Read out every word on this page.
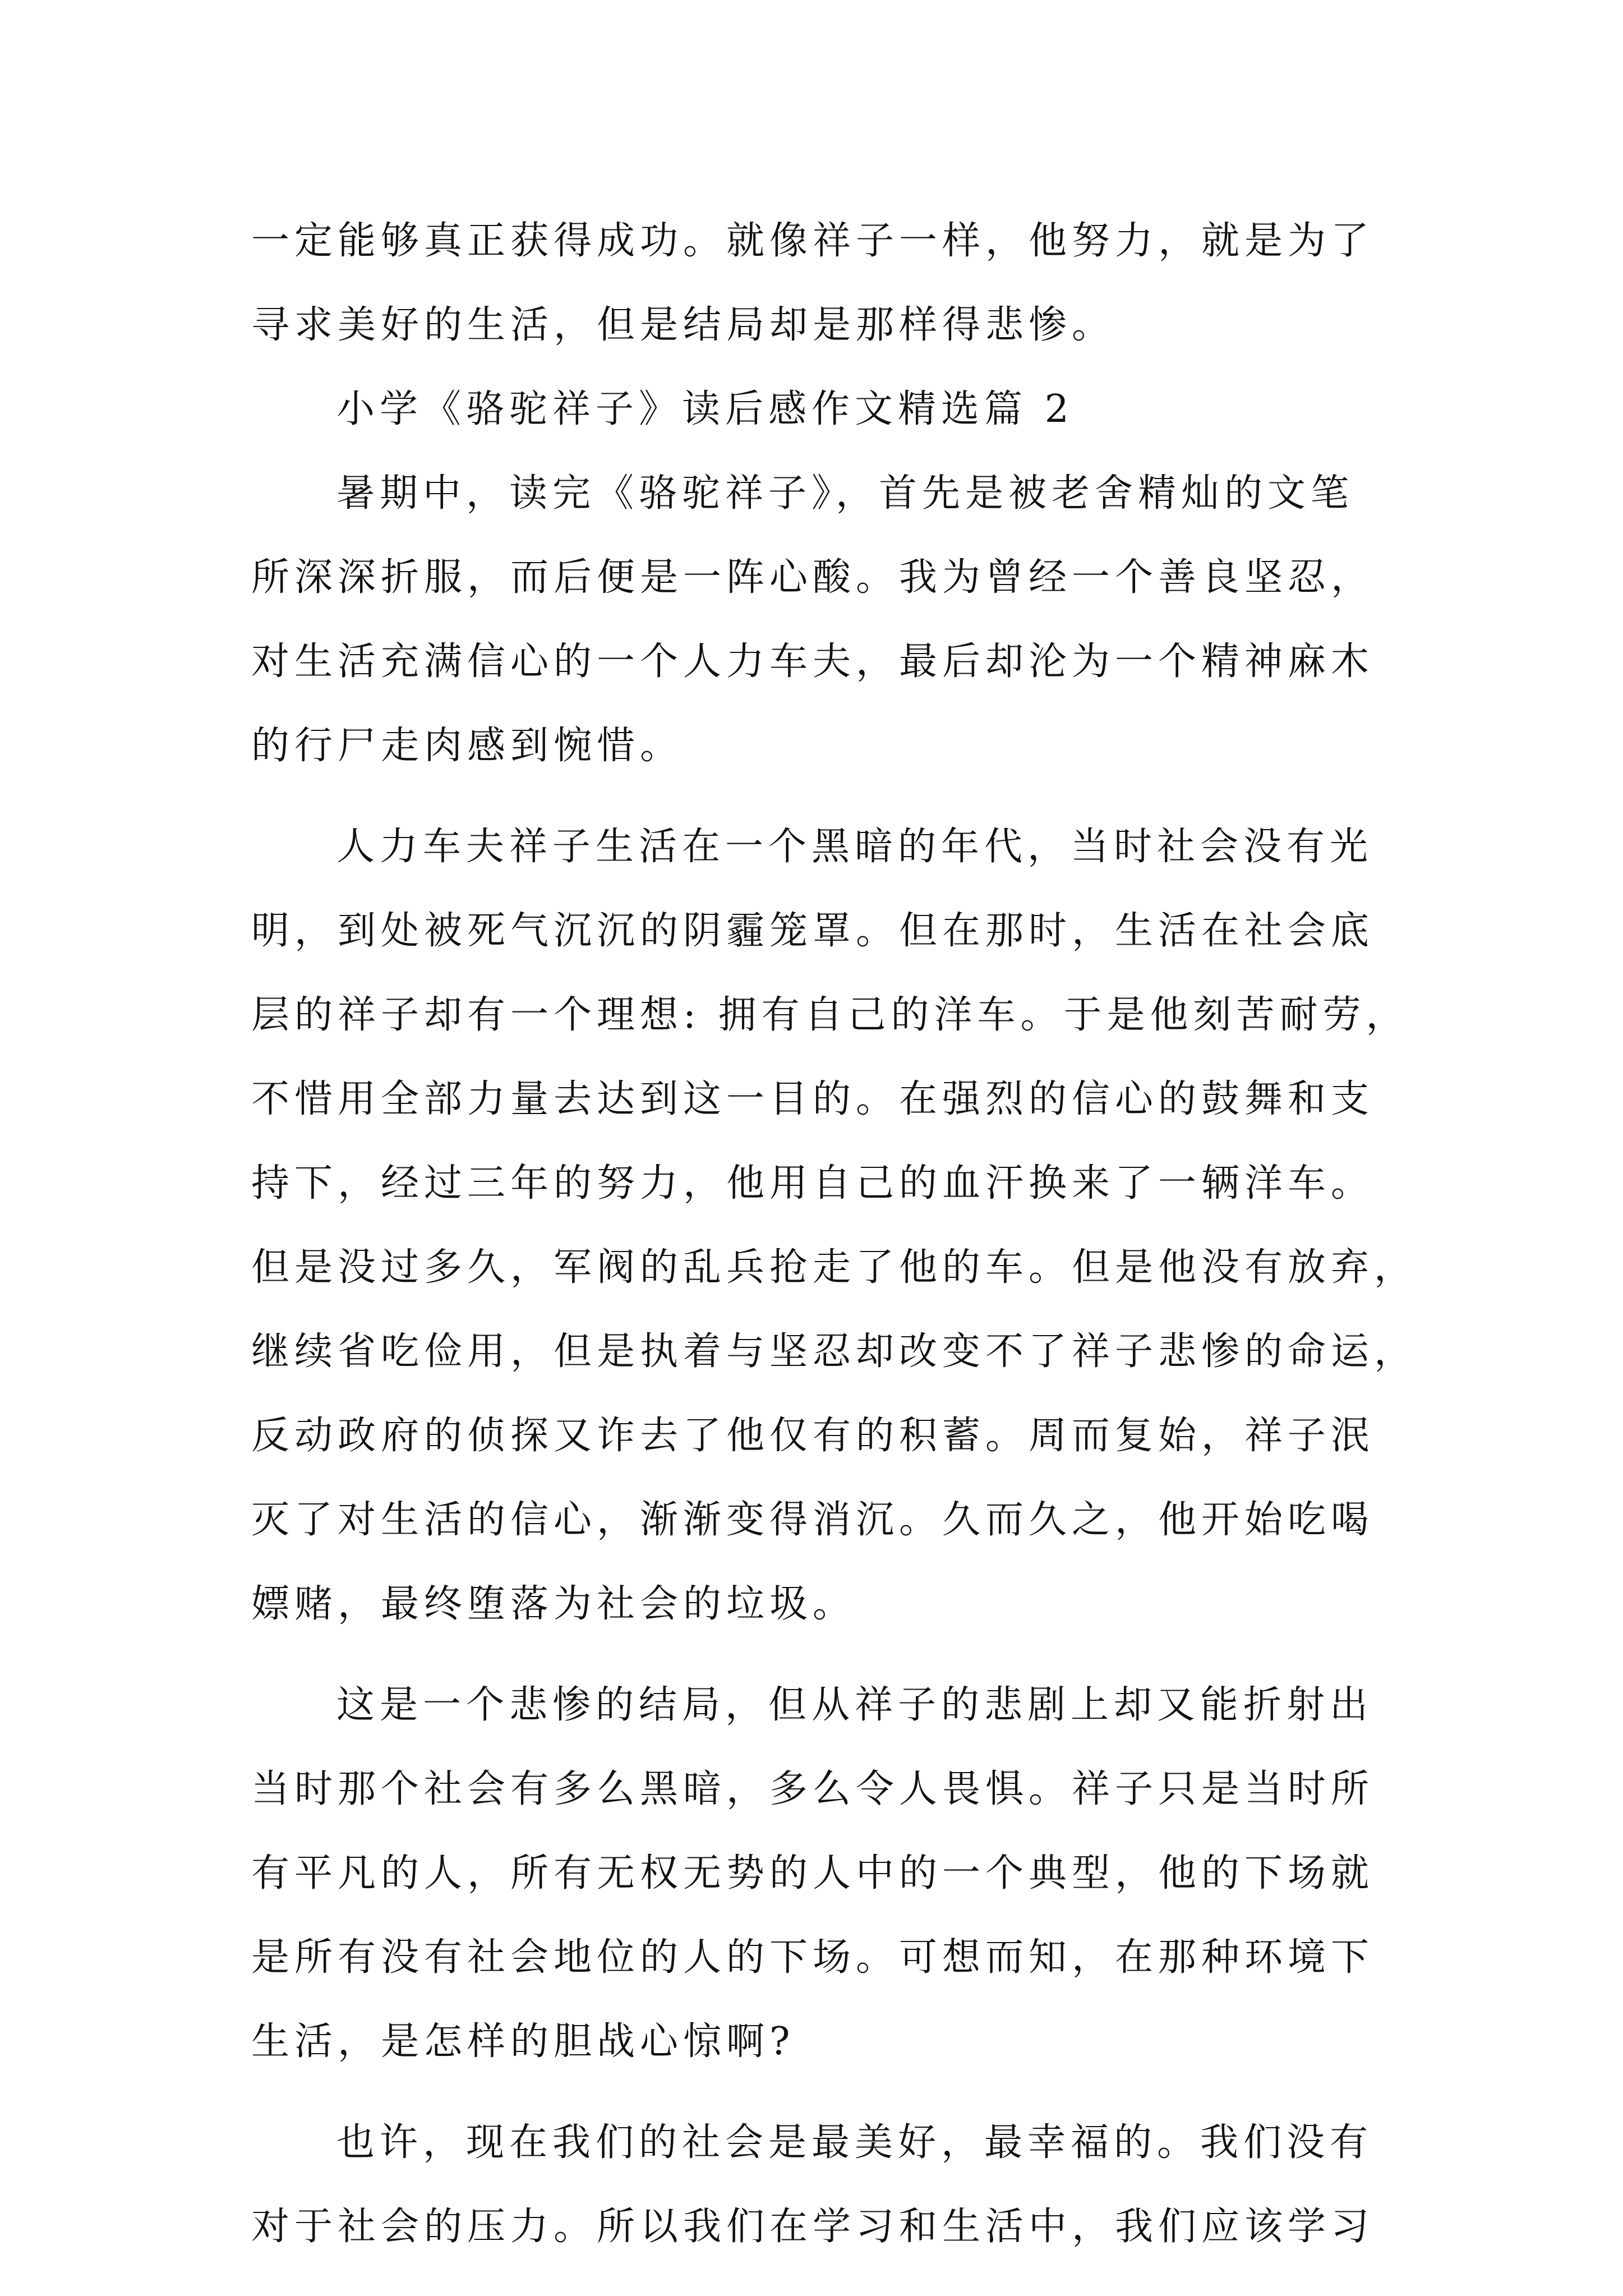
一定能够真正获得成功。就像祥子一样，他努力，就是为了
寻求美好的生活，但是结局却是那样得悲惨。
小学《骆驼祥子》读后感作文精选篇 2
暑期中，读完《骆驼祥子》，首先是被老舍精灿的文笔
所深深折服，而后便是一阵心酸。我为曾经一个善良坚忍，
对生活充满信心的一个人力车夫，最后却沦为一个精神麻木
的行尸走肉感到惋惜。
人力车夫祥子生活在一个黑暗的年代，当时社会没有光
明，到处被死气沉沉的阴霾笼罩。但在那时，生活在社会底
层的祥子却有一个理想: 拥有自己的洋车。于是他刻苦耐劳，
不惜用全部力量去达到这一目的。在强烈的信心的鼓舞和支
持下，经过三年的努力，他用自己的血汗换来了一辆洋车。
但是没过多久，军阀的乱兵抢走了他的车。但是他没有放弃，
继续省吃俭用，但是执着与坚忍却改变不了祥子悲惨的命运，
反动政府的侦探又诈去了他仅有的积蓄。周而复始，祥子泯
灭了对生活的信心，渐渐变得消沉。久而久之，他开始吃喝
嫖赌，最终堕落为社会的垃圾。
这是一个悲惨的结局，但从祥子的悲剧上却又能折射出
当时那个社会有多么黑暗，多么令人畏惧。祥子只是当时所
有平凡的人，所有无权无势的人中的一个典型，他的下场就
是所有没有社会地位的人的下场。可想而知，在那种环境下
生活，是怎样的胆战心惊啊?
也许，现在我们的社会是最美好，最幸福的。我们没有
对于社会的压力。所以我们在学习和生活中，我们应该学习
